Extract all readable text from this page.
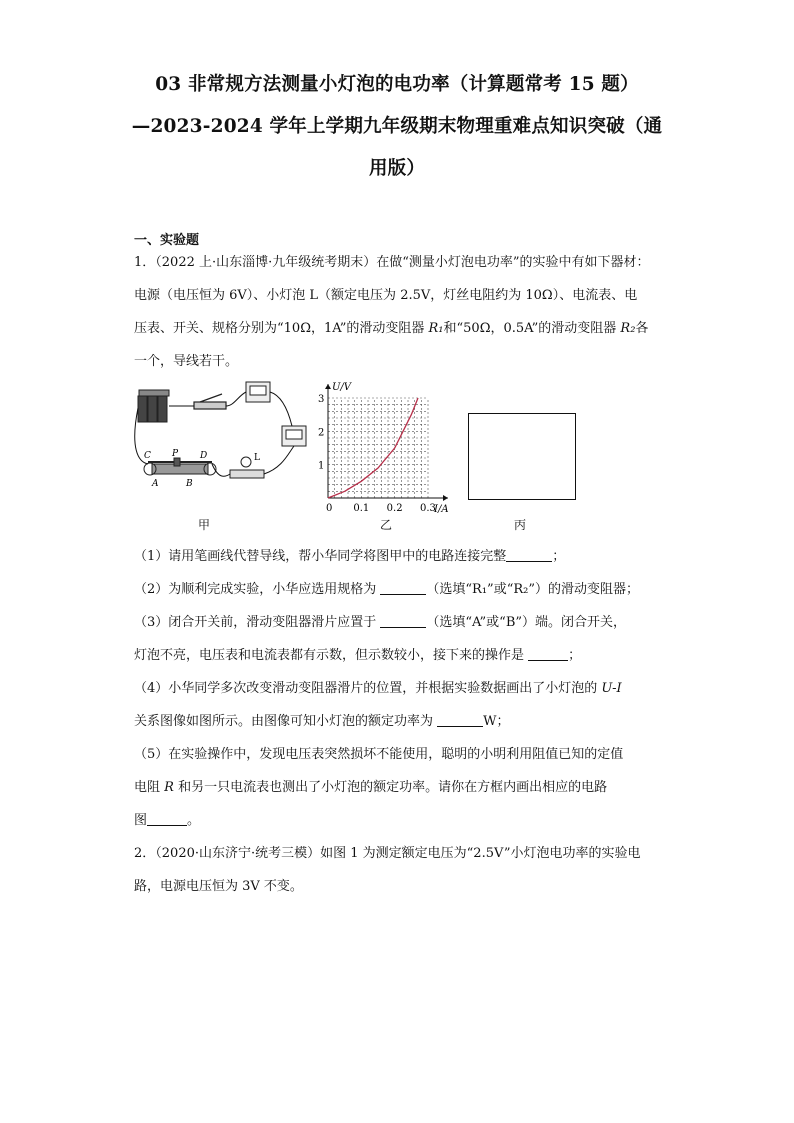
03 非常规方法测量小灯泡的电功率（计算题常考 15 题）
—2023-2024 学年上学期九年级期末物理重难点知识突破（通
用版）
一、实验题
1．（2022 上·山东淄博·九年级统考期末）在做“测量小灯泡电功率”的实验中有如下器材：
电源（电压恒为 6V）、小灯泡 L（额定电压为 2.5V，灯丝电阻约为 10Ω）、电流表、电
压表、开关、规格分别为“10Ω，1A”的滑动变阻器 R₁和“50Ω，0.5A”的滑动变阻器 R₂各
一个，导线若干。
C	D
P
A	B
L
0 0.1 0.2 0.3
1
2
3
U/V
I/A
甲	乙	丙
（1）请用笔画线代替导线，帮小华同学将图甲中的电路连接完整	；
（2）为顺利完成实验，小华应选用规格为	（选填“R₁”或“R₂”）的滑动变阻器；
（3）闭合开关前，滑动变阻器滑片应置于	（选填“A”或“B”）端。闭合开关，
灯泡不亮，电压表和电流表都有示数，但示数较小，接下来的操作是	；
（4）小华同学多次改变滑动变阻器滑片的位置，并根据实验数据画出了小灯泡的 U-I
关系图像如图所示。由图像可知小灯泡的额定功率为	W；
（5）在实验操作中，发现电压表突然损坏不能使用，聪明的小明利用阻值已知的定值
电阻 R 和另一只电流表也测出了小灯泡的额定功率。请你在方框内画出相应的电路
图	。
2．（2020·山东济宁·统考三模）如图 1 为测定额定电压为“2.5V”小灯泡电功率的实验电
路，电源电压恒为 3V 不变。
